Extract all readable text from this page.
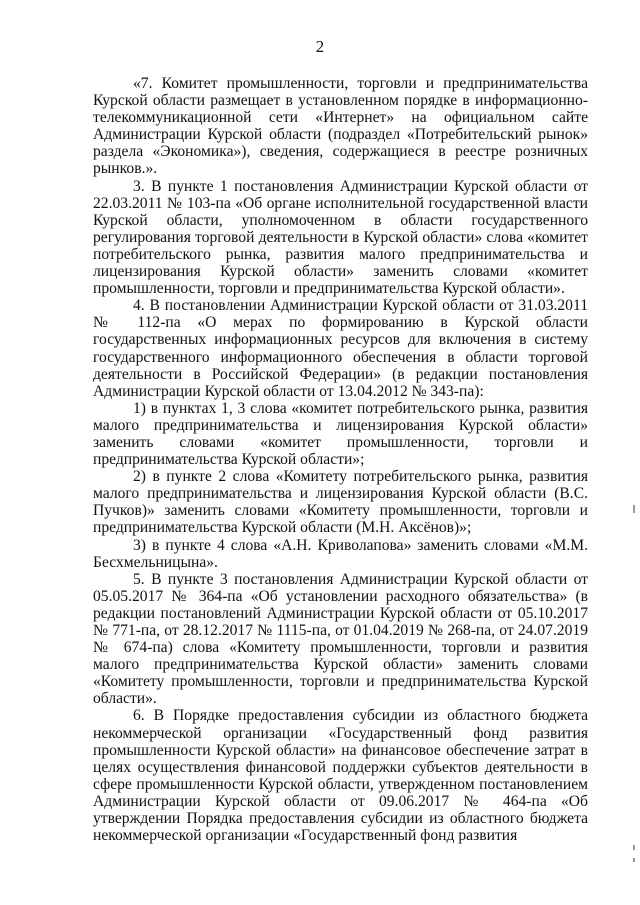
2

«7. Комитет промышленности, торговли и предпринимательства Курской области размещает в установленном порядке в информационно-телекоммуникационной сети «Интернет» на официальном сайте Администрации Курской области (подраздел «Потребительский рынок» раздела «Экономика»), сведения, содержащиеся в реестре розничных рынков.».

3. В пункте 1 постановления Администрации Курской области от 22.03.2011 № 103-па «Об органе исполнительной государственной власти Курской области, уполномоченном в области государственного регулирования торговой деятельности в Курской области» слова «комитет потребительского рынка, развития малого предпринимательства и лицензирования Курской области» заменить словами «комитет промышленности, торговли и предпринимательства Курской области».

4. В постановлении Администрации Курской области от 31.03.2011 № 112-па «О мерах по формированию в Курской области государственных информационных ресурсов для включения в систему государственного информационного обеспечения в области торговой деятельности в Российской Федерации» (в редакции постановления Администрации Курской области от 13.04.2012 № 343-па):

1) в пунктах 1, 3 слова «комитет потребительского рынка, развития малого предпринимательства и лицензирования Курской области» заменить словами «комитет промышленности, торговли и предпринимательства Курской области»;

2) в пункте 2 слова «Комитету потребительского рынка, развития малого предпринимательства и лицензирования Курской области (В.С. Пучков)» заменить словами «Комитету промышленности, торговли и предпринимательства Курской области (М.Н. Аксёнов)»;

3) в пункте 4 слова «А.Н. Криволапова» заменить словами «М.М. Бесхмельницына».

5. В пункте 3 постановления Администрации Курской области от 05.05.2017 № 364-па «Об установлении расходного обязательства» (в редакции постановлений Администрации Курской области от 05.10.2017 № 771-па, от 28.12.2017 № 1115-па, от 01.04.2019 № 268-па, от 24.07.2019 № 674-па) слова «Комитету промышленности, торговли и развития малого предпринимательства Курской области» заменить словами «Комитету промышленности, торговли и предпринимательства Курской области».

6. В Порядке предоставления субсидии из областного бюджета некоммерческой организации «Государственный фонд развития промышленности Курской области» на финансовое обеспечение затрат в целях осуществления финансовой поддержки субъектов деятельности в сфере промышленности Курской области, утвержденном постановлением Администрации Курской области от 09.06.2017 № 464-па «Об утверждении Порядка предоставления субсидии из областного бюджета некоммерческой организации «Государственный фонд развития
